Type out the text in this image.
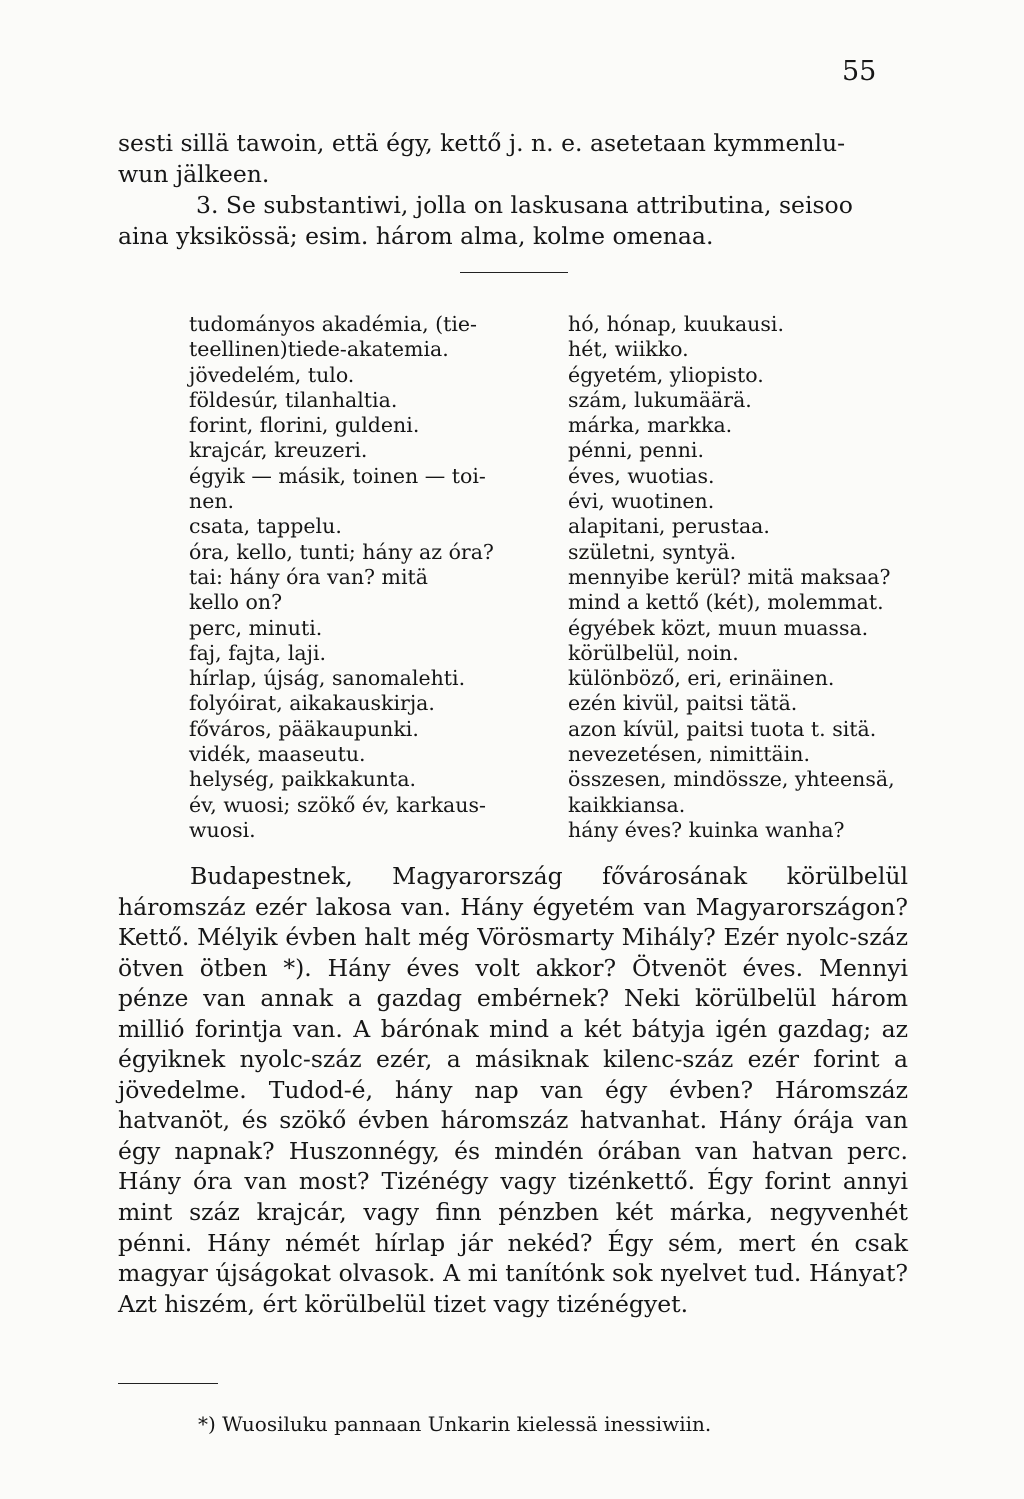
55

sesti sillä tawoin, että égy, kettő j. n. e. asetetaan kymmenlu-

wun jälkeen.

3. Se substantiwi, jolla on laskusana attributina, seisoo

aina yksikössä; esim. három alma, kolme omenaa.

tudományos akadémia, (tie-
teellinen)tiede-akatemia.
jövedelém, tulo.
földesúr, tilanhaltia.
forint, florini, guldeni.
krajcár, kreuzeri.
égyik — másik, toinen — toi-
nen.
csata, tappelu.
óra, kello, tunti; hány az óra?
tai: hány óra van? mitä
kello on?
perc, minuti.
faj, fajta, laji.
hírlap, újság, sanomalehti.
folyóirat, aikakauskirja.
főváros, pääkaupunki.
vidék, maaseutu.
helység, paikkakunta.
év, wuosi; szökő év, karkaus-
wuosi.
hó, hónap, kuukausi.
hét, wiikko.
égyetém, yliopisto.
szám, lukumäärä.
márka, markka.
pénni, penni.
éves, wuotias.
évi, wuotinen.
alapitani, perustaa.
születni, syntyä.
mennyibe kerül? mitä maksaa?
mind a kettő (két), molemmat.
égyébek közt, muun muassa.
körülbelül, noin.
különböző, eri, erinäinen.
ezén kivül, paitsi tätä.
azon kívül, paitsi tuota t. sitä.
nevezetésen, nimittäin.
összesen, mindössze, yhteensä,
kaikkiansa.
hány éves? kuinka wanha?

Budapestnek, Magyarország fővárosának körülbelül háromszáz ezér lakosa van. Hány égyetém van Magyarországon? Kettő. Mélyik évben halt még Vörösmarty Mihály? Ezér nyolc-száz ötven ötben *). Hány éves volt akkor? Ötvenöt éves. Mennyi pénze van annak a gazdag embérnek? Neki körülbelül három millió forintja van. A bárónak mind a két bátyja igén gazdag; az égyiknek nyolc-száz ezér, a másiknak kilenc-száz ezér forint a jövedelme. Tudod-é, hány nap van égy évben? Háromszáz hatvanöt, és szökő évben háromszáz hatvanhat. Hány órája van égy napnak? Huszonnégy, és mindén órában van hatvan perc. Hány óra van most? Tizénégy vagy tizénkettő. Égy forint annyi mint száz krajcár, vagy finn pénzben két márka, negyvenhét pénni. Hány némét hírlap jár nekéd? Égy sém, mert én csak magyar újságokat olvasok. A mi tanítónk sok nyelvet tud. Hányat? Azt hiszém, ért körülbelül tizet vagy tizénégyet.

*) Wuosiluku pannaan Unkarin kielessä inessiwiin.
